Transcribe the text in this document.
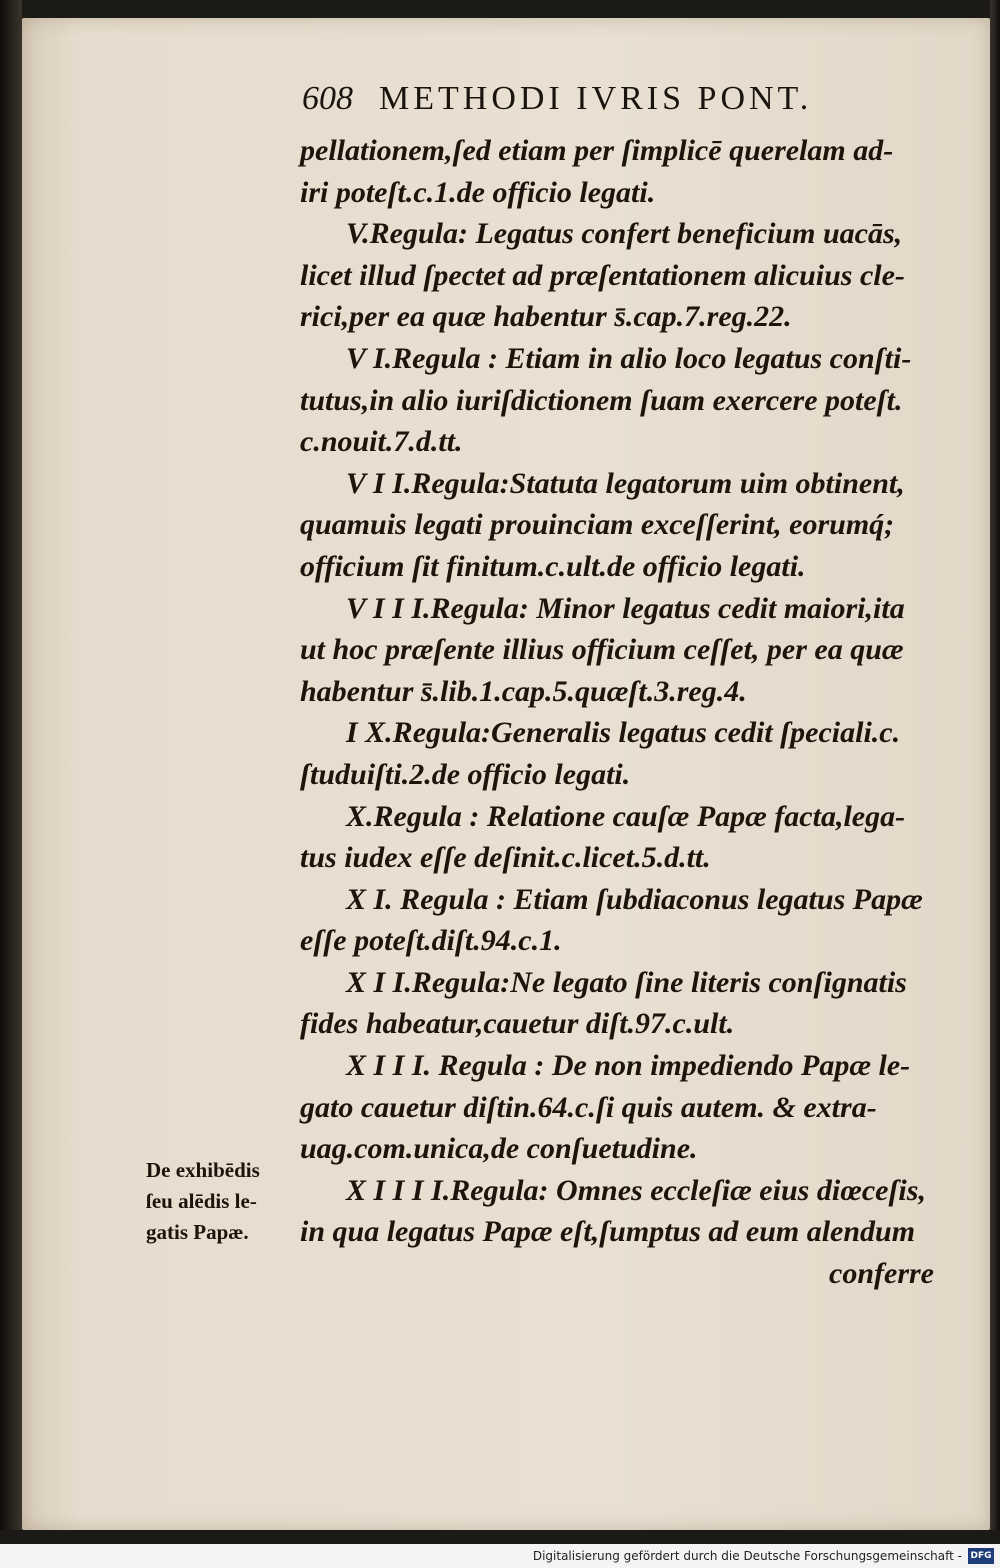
608 METHODI IVRIS PONT.
pellationem,ſed etiam per ſimplicē querelam ad-
iri poteſt.c.1.de officio legati.
V.Regula: Legatus confert beneficium uacās,
licet illud ſpectet ad præſentationem alicuius cle-
rici,per ea quæ habentur s̄.cap.7.reg.22.
V I.Regula : Etiam in alio loco legatus conſti-
tutus,in alio iuriſdictionem ſuam exercere poteſt.
c.nouit.7.d.tt.
V I I.Regula:Statuta legatorum uim obtinent,
quamuis legati prouinciam exceſſerint, eorumq́;
officium ſit finitum.c.ult.de officio legati.
V I I I.Regula: Minor legatus cedit maiori,ita
ut hoc præſente illius officium ceſſet, per ea quæ
habentur s̄.lib.1.cap.5.quæſt.3.reg.4.
I X.Regula:Generalis legatus cedit ſpeciali.c.
ſtuduiſti.2.de officio legati.
X.Regula : Relatione cauſæ Papæ facta,lega-
tus iudex eſſe deſinit.c.licet.5.d.tt.
X I. Regula : Etiam ſubdiaconus legatus Papæ
eſſe poteſt.diſt.94.c.1.
X I I.Regula:Ne legato ſine literis conſignatis
fides habeatur,cauetur diſt.97.c.ult.
X I I I. Regula : De non impediendo Papæ le-
gato cauetur diſtin.64.c.ſi quis autem. & extra-
uag.com.unica,de conſuetudine.
X I I I I.Regula: Omnes eccleſiæ eius diœceſis,
in qua legatus Papæ eſt,ſumptus ad eum alendum
conferre
De exhibēdis
ſeu alēdis le-
gatis Papæ.
Digitalisierung gefördert durch die Deutsche Forschungsgemeinschaft - DFG
